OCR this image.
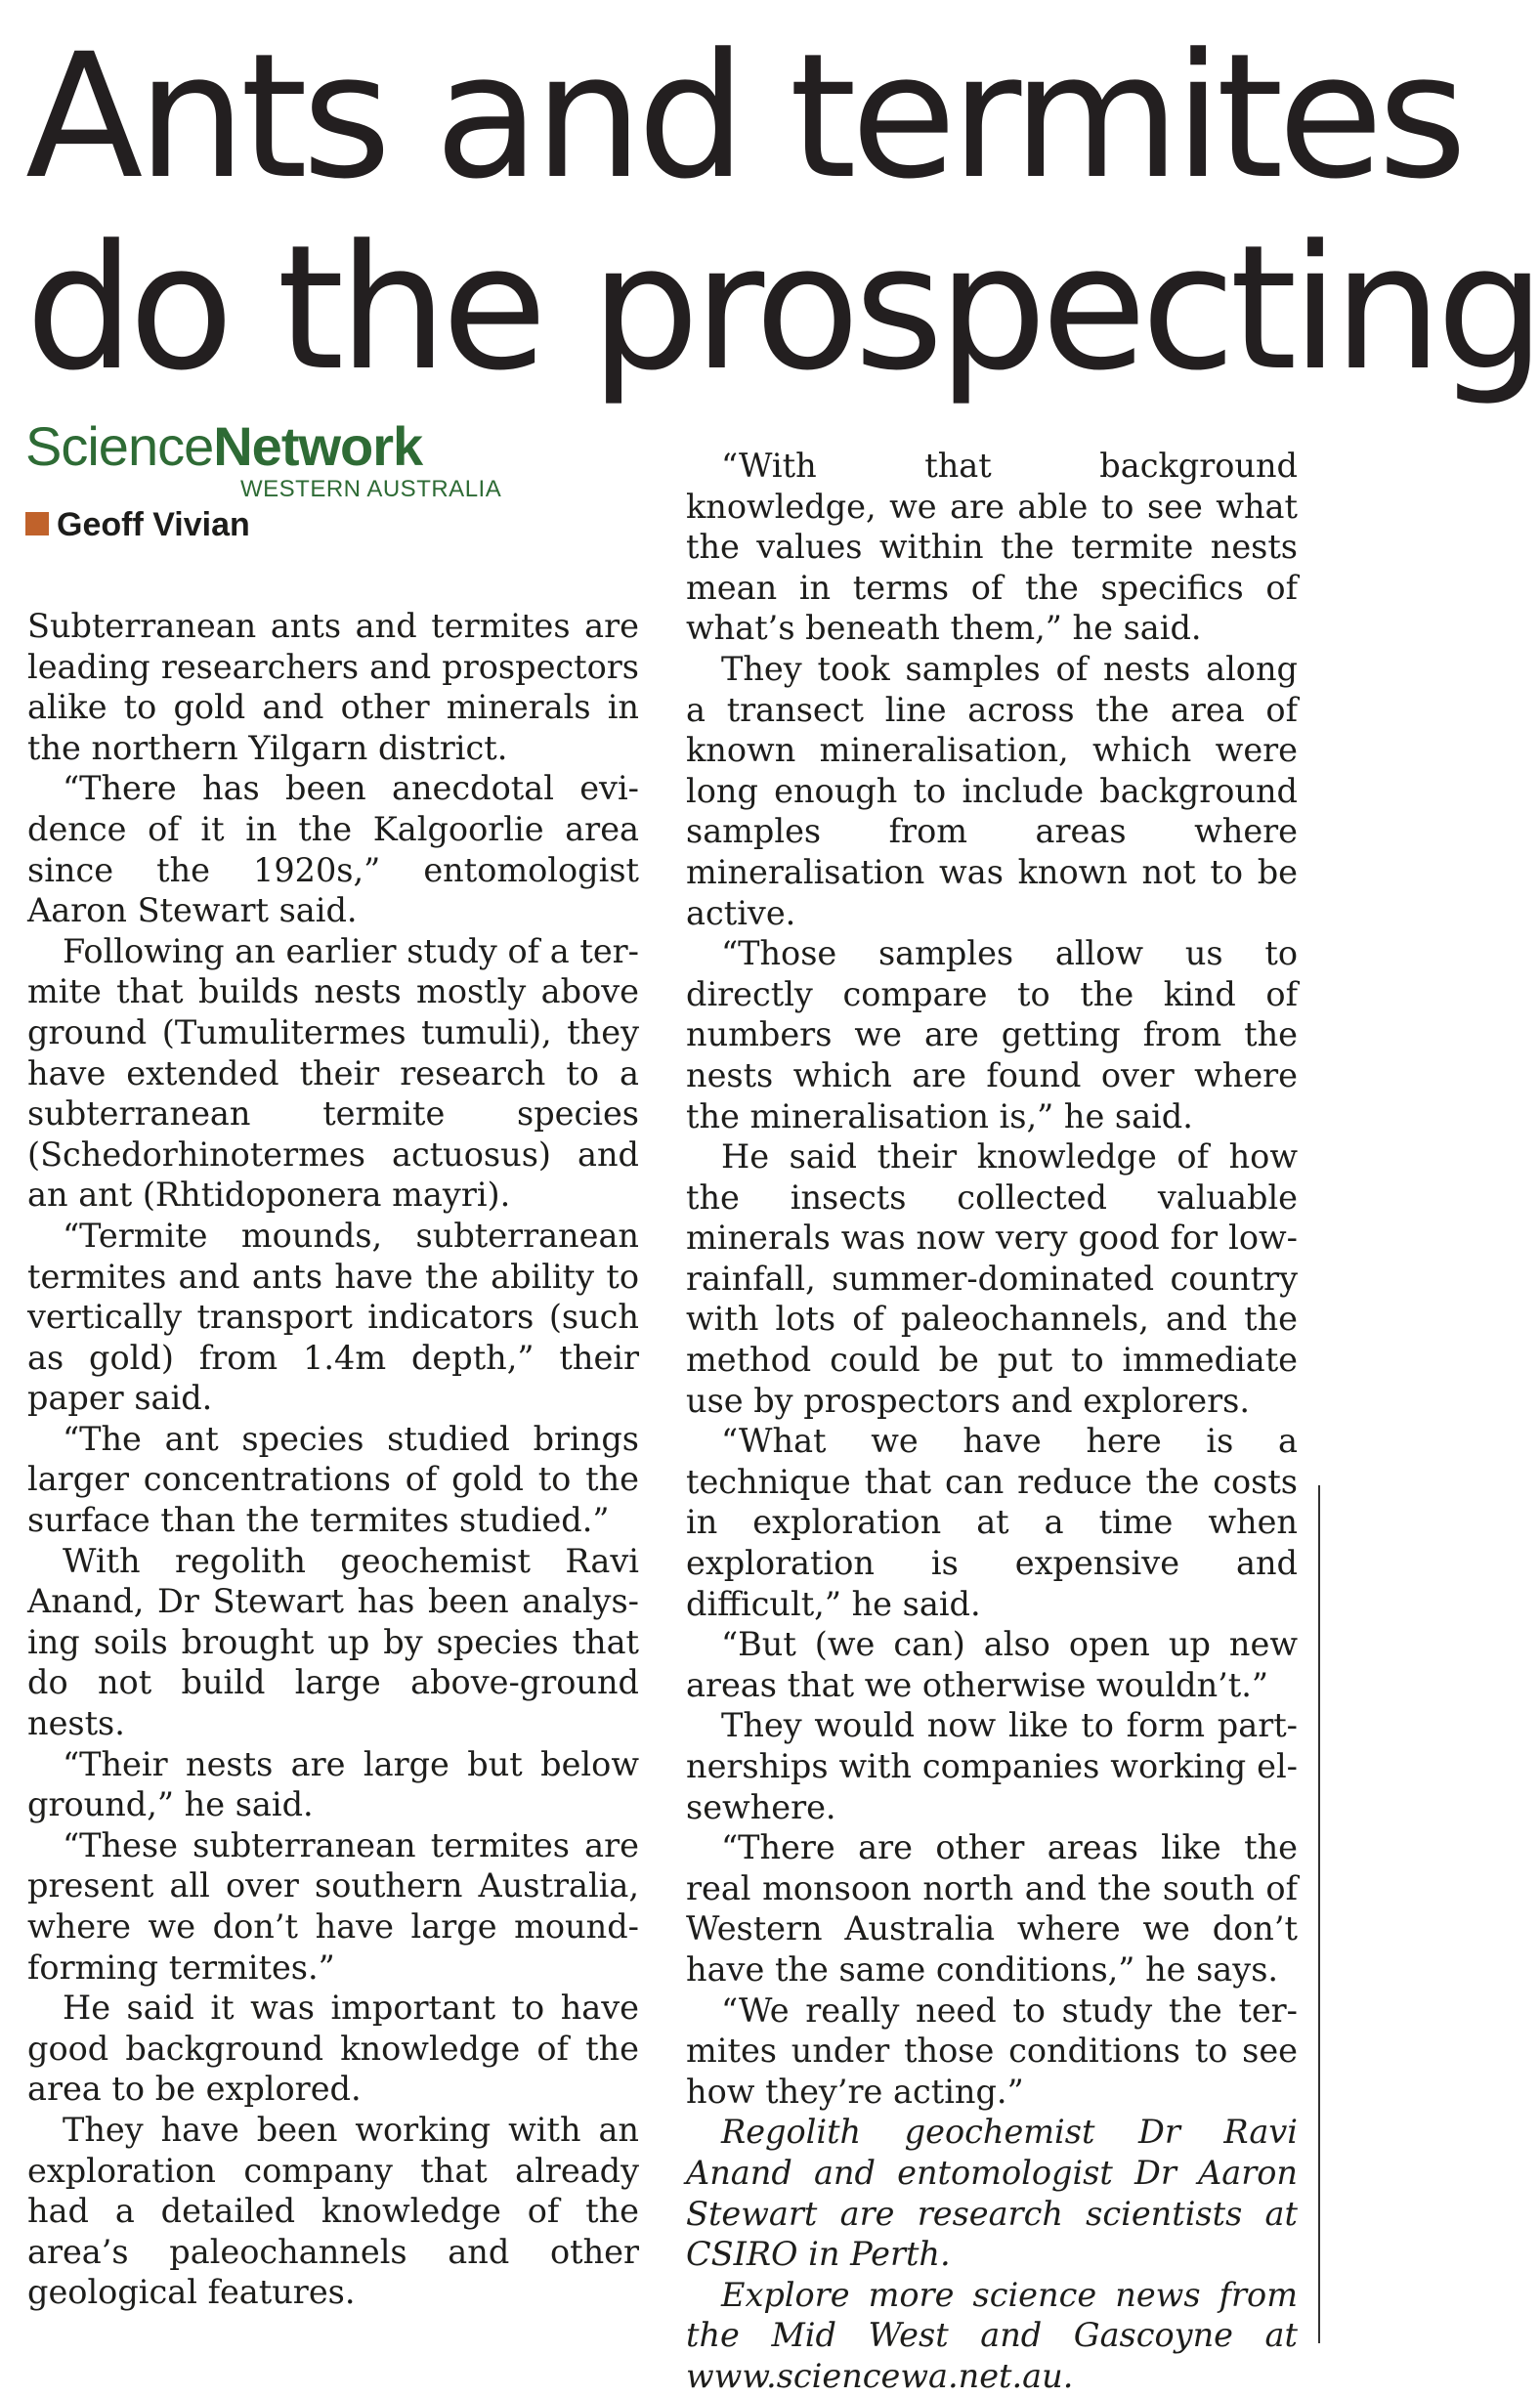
Ants and termites
do the prospecting
ScienceNetwork
WESTERN AUSTRALIA
Geoff Vivian

Subterranean ants and termites are leading researchers and prospectors alike to gold and other minerals in the northern Yilgarn district.

“There has been anecdotal evidence of it in the Kalgoorlie area since the 1920s,” entomologist Aaron Stewart said.

Following an earlier study of a termite that builds nests mostly above ground (Tumulitermes tumuli), they have extended their research to a subterranean termite species (Schedorhinotermes actuosus) and an ant (Rhtidoponera mayri).

“Termite mounds, subterranean termites and ants have the ability to vertically transport indicators (such as gold) from 1.4m depth,” their paper said.

“The ant species studied brings larger concentrations of gold to the surface than the termites studied.”

With regolith geochemist Ravi Anand, Dr Stewart has been analysing soils brought up by species that do not build large above-ground nests.

“Their nests are large but below ground,” he said.

“These subterranean termites are present all over southern Australia, where we don’t have large mound-forming termites.”

He said it was important to have good background knowledge of the area to be explored.

They have been working with an exploration company that already had a detailed knowledge of the area’s paleochannels and other geological features.

“With that background knowledge, we are able to see what the values within the termite nests mean in terms of the specifics of what’s beneath them,” he said.

They took samples of nests along a transect line across the area of known mineralisation, which were long enough to include background samples from areas where mineralisation was known not to be active.

“Those samples allow us to directly compare to the kind of numbers we are getting from the nests which are found over where the mineralisation is,” he said.

He said their knowledge of how the insects collected valuable minerals was now very good for low-rainfall, summer-dominated country with lots of paleochannels, and the method could be put to immediate use by prospectors and explorers.

“What we have here is a technique that can reduce the costs in exploration at a time when exploration is expensive and difficult,” he said.

“But (we can) also open up new areas that we otherwise wouldn’t.”

They would now like to form partnerships with companies working elsewhere.

“There are other areas like the real monsoon north and the south of Western Australia where we don’t have the same conditions,” he says.

“We really need to study the termites under those conditions to see how they’re acting.”

Regolith geochemist Dr Ravi Anand and entomologist Dr Aaron Stewart are research scientists at CSIRO in Perth.

Explore more science news from the Mid West and Gascoyne at www.sciencewa.net.au.
